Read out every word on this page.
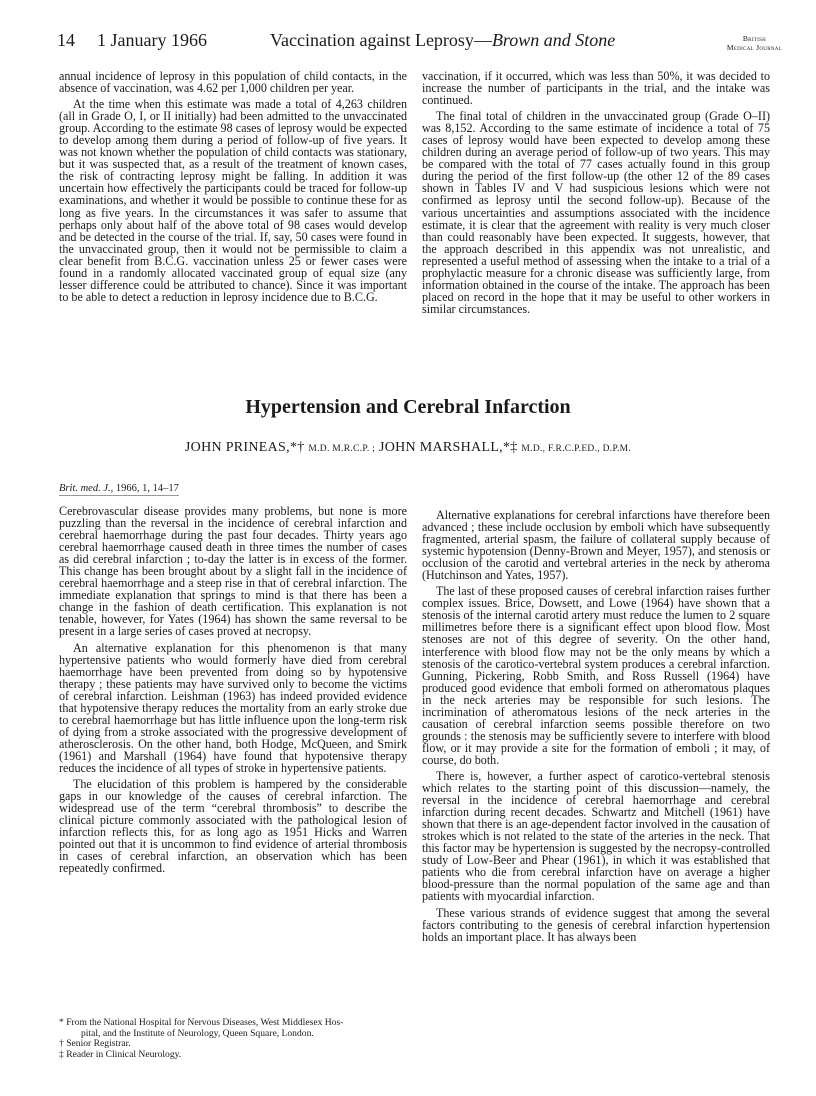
14 1 January 1966	Vaccination against Leprosy—Brown and Stone	British
Medical Journal

annual incidence of leprosy in this population of child contacts, in the absence of vaccination, was 4.62 per 1,000 children per year.

At the time when this estimate was made a total of 4,263 children (all in Grade O, I, or II initially) had been admitted to the unvaccinated group. According to the estimate 98 cases of leprosy would be expected to develop among them during a period of follow-up of five years. It was not known whether the population of child contacts was stationary, but it was suspected that, as a result of the treatment of known cases, the risk of contracting leprosy might be falling. In addition it was uncertain how effectively the participants could be traced for follow-up examinations, and whether it would be possible to continue these for as long as five years. In the circumstances it was safer to assume that perhaps only about half of the above total of 98 cases would develop and be detected in the course of the trial. If, say, 50 cases were found in the unvaccinated group, then it would not be permissible to claim a clear benefit from B.C.G. vaccination unless 25 or fewer cases were found in a randomly allocated vaccinated group of equal size (any lesser difference could be attributed to chance). Since it was important to be able to detect a reduction in leprosy incidence due to B.C.G.

vaccination, if it occurred, which was less than 50%, it was decided to increase the number of participants in the trial, and the intake was continued.

The final total of children in the unvaccinated group (Grade O–II) was 8,152. According to the same estimate of incidence a total of 75 cases of leprosy would have been expected to develop among these children during an average period of follow-up of two years. This may be compared with the total of 77 cases actually found in this group during the period of the first follow-up (the other 12 of the 89 cases shown in Tables IV and V had suspicious lesions which were not confirmed as leprosy until the second follow-up). Because of the various uncertainties and assumptions associated with the incidence estimate, it is clear that the agreement with reality is very much closer than could reasonably have been expected. It suggests, however, that the approach described in this appendix was not unrealistic, and represented a useful method of assessing when the intake to a trial of a prophylactic measure for a chronic disease was sufficiently large, from information obtained in the course of the intake. The approach has been placed on record in the hope that it may be useful to other workers in similar circumstances.

Hypertension and Cerebral Infarction
JOHN PRINEAS,*† M.D. M.R.C.P. ; JOHN MARSHALL,*‡ M.D., F.R.C.P.ED., D.P.M.
Brit. med. J., 1966, 1, 14–17

Cerebrovascular disease provides many problems, but none is more puzzling than the reversal in the incidence of cerebral infarction and cerebral haemorrhage during the past four decades. Thirty years ago cerebral haemorrhage caused death in three times the number of cases as did cerebral infarction ; to-day the latter is in excess of the former. This change has been brought about by a slight fall in the incidence of cerebral haemorrhage and a steep rise in that of cerebral infarction. The immediate explanation that springs to mind is that there has been a change in the fashion of death certification. This explanation is not tenable, however, for Yates (1964) has shown the same reversal to be present in a large series of cases proved at necropsy.

An alternative explanation for this phenomenon is that many hypertensive patients who would formerly have died from cerebral haemorrhage have been prevented from doing so by hypotensive therapy ; these patients may have survived only to become the victims of cerebral infarction. Leishman (1963) has indeed provided evidence that hypotensive therapy reduces the mortality from an early stroke due to cerebral haemorrhage but has little influence upon the long-term risk of dying from a stroke associated with the progressive development of atherosclerosis. On the other hand, both Hodge, McQueen, and Smirk (1961) and Marshall (1964) have found that hypotensive therapy reduces the incidence of all types of stroke in hypertensive patients.

The elucidation of this problem is hampered by the considerable gaps in our knowledge of the causes of cerebral infarction. The widespread use of the term “cerebral thrombosis” to describe the clinical picture commonly associated with the pathological lesion of infarction reflects this, for as long ago as 1951 Hicks and Warren pointed out that it is uncommon to find evidence of arterial thrombosis in cases of cerebral infarction, an observation which has been repeatedly confirmed.

Alternative explanations for cerebral infarctions have therefore been advanced ; these include occlusion by emboli which have subsequently fragmented, arterial spasm, the failure of collateral supply because of systemic hypotension (Denny-Brown and Meyer, 1957), and stenosis or occlusion of the carotid and vertebral arteries in the neck by atheroma (Hutchinson and Yates, 1957).

The last of these proposed causes of cerebral infarction raises further complex issues. Brice, Dowsett, and Lowe (1964) have shown that a stenosis of the internal carotid artery must reduce the lumen to 2 square millimetres before there is a significant effect upon blood flow. Most stenoses are not of this degree of severity. On the other hand, interference with blood flow may not be the only means by which a stenosis of the carotico-vertebral system produces a cerebral infarction. Gunning, Pickering, Robb Smith, and Ross Russell (1964) have produced good evidence that emboli formed on atheromatous plaques in the neck arteries may be responsible for such lesions. The incrimination of atheromatous lesions of the neck arteries in the causation of cerebral infarction seems possible therefore on two grounds : the stenosis may be sufficiently severe to interfere with blood flow, or it may provide a site for the formation of emboli ; it may, of course, do both.

There is, however, a further aspect of carotico-vertebral stenosis which relates to the starting point of this discussion—namely, the reversal in the incidence of cerebral haemorrhage and cerebral infarction during recent decades. Schwartz and Mitchell (1961) have shown that there is an age-dependent factor involved in the causation of strokes which is not related to the state of the arteries in the neck. That this factor may be hypertension is suggested by the necropsy-controlled study of Low-Beer and Phear (1961), in which it was established that patients who die from cerebral infarction have on average a higher blood-pressure than the normal population of the same age and than patients with myocardial infarction.

These various strands of evidence suggest that among the several factors contributing to the genesis of cerebral infarction hypertension holds an important place. It has always been

* From the National Hospital for Nervous Diseases, West Middlesex Hos-
pital, and the Institute of Neurology, Queen Square, London.
† Senior Registrar.
‡ Reader in Clinical Neurology.
